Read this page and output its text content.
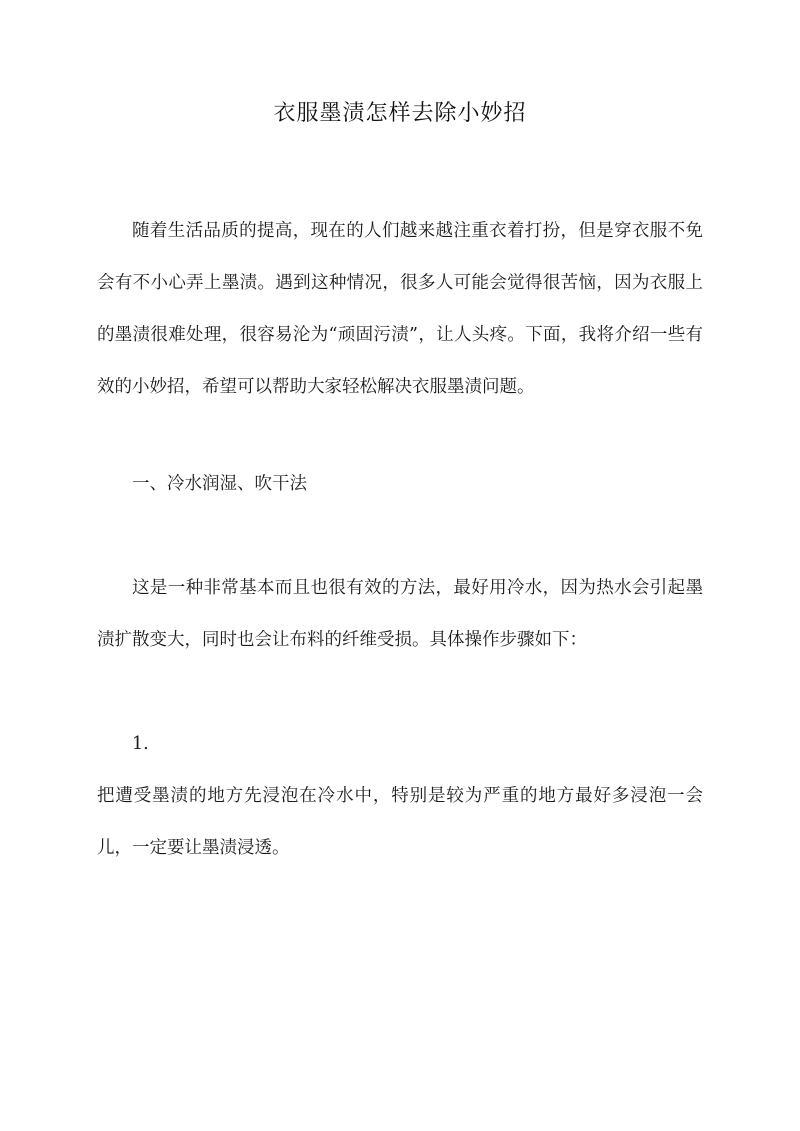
衣服墨渍怎样去除小妙招

随着生活品质的提高，现在的人们越来越注重衣着打扮，但是穿衣服不免会有不小心弄上墨渍。遇到这种情况，很多人可能会觉得很苦恼，因为衣服上的墨渍很难处理，很容易沦为“顽固污渍”，让人头疼。下面，我将介绍一些有效的小妙招，希望可以帮助大家轻松解决衣服墨渍问题。

一、冷水润湿、吹干法

这是一种非常基本而且也很有效的方法，最好用冷水，因为热水会引起墨渍扩散变大，同时也会让布料的纤维受损。具体操作步骤如下：

1.

把遭受墨渍的地方先浸泡在冷水中，特别是较为严重的地方最好多浸泡一会儿，一定要让墨渍浸透。
